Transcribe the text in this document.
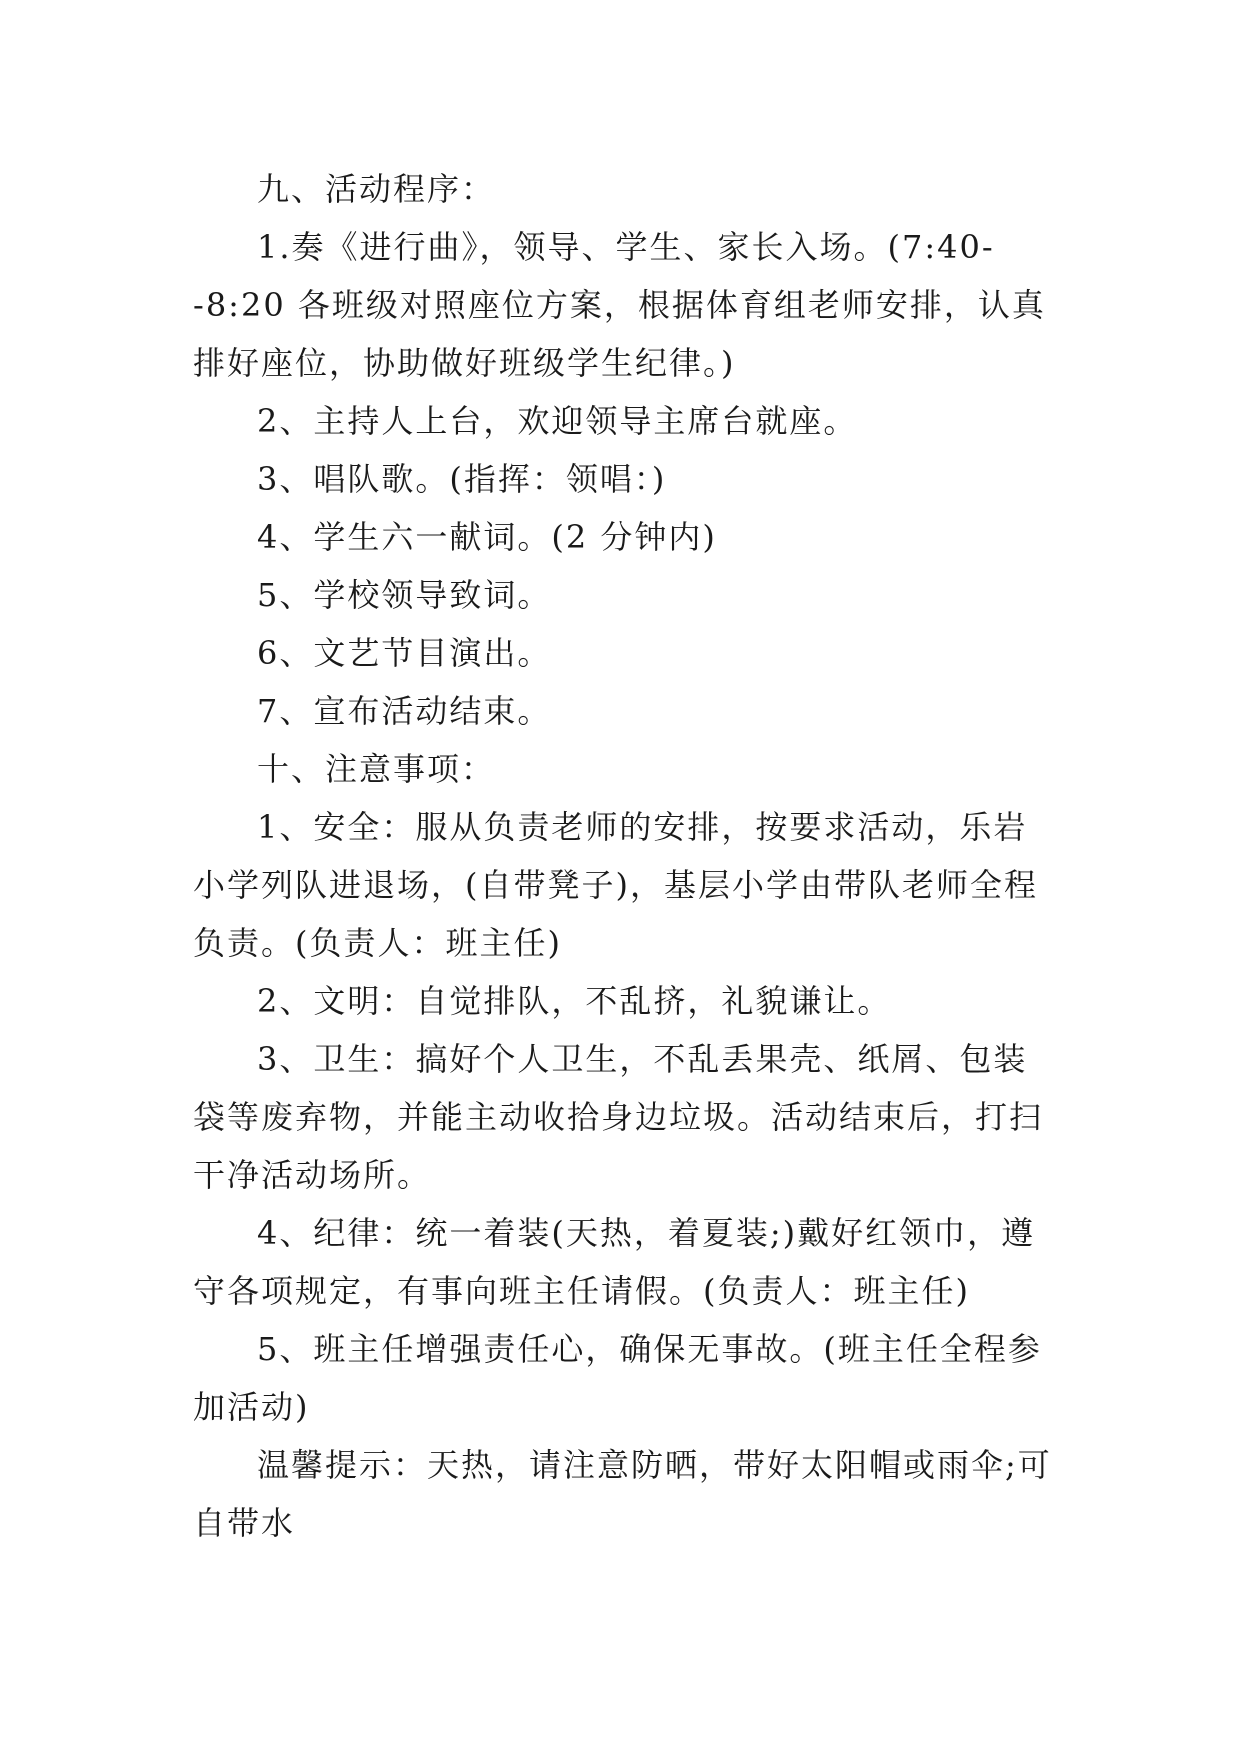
九、活动程序：

1.奏《进行曲》，领导、学生、家长入场。(7:40--8:20 各班级对照座位方案，根据体育组老师安排，认真排好座位，协助做好班级学生纪律。)

2、主持人上台，欢迎领导主席台就座。

3、唱队歌。(指挥：领唱：)

4、学生六一献词。(2 分钟内)

5、学校领导致词。

6、文艺节目演出。

7、宣布活动结束。

十、注意事项：

1、安全：服从负责老师的安排，按要求活动，乐岩小学列队进退场，(自带凳子)，基层小学由带队老师全程负责。(负责人：班主任)

2、文明：自觉排队，不乱挤，礼貌谦让。

3、卫生：搞好个人卫生，不乱丢果壳、纸屑、包装袋等废弃物，并能主动收拾身边垃圾。活动结束后，打扫干净活动场所。

4、纪律：统一着装(天热，着夏装;)戴好红领巾，遵守各项规定，有事向班主任请假。(负责人：班主任)

5、班主任增强责任心，确保无事故。(班主任全程参加活动)

温馨提示：天热，请注意防晒，带好太阳帽或雨伞;可自带水
